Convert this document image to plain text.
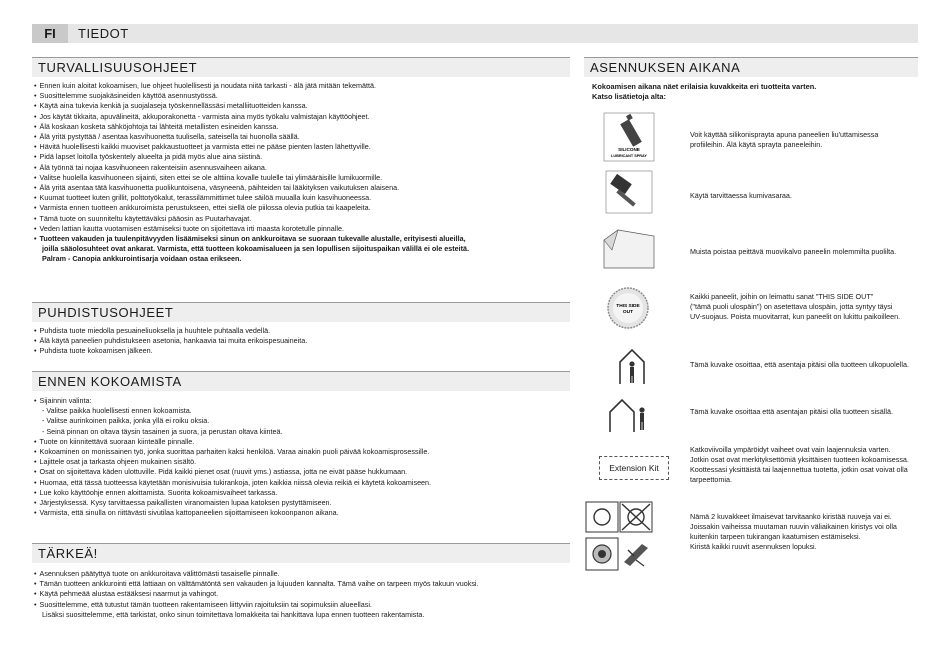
FI	TIEDOT
TURVALLISUUSOHJEET
• Ennen kuin aloitat kokoamisen, lue ohjeet huolellisesti ja noudata niitä tarkasti - älä jätä mitään tekemättä.
• Suosittelemme suojakäsineiden käyttöä asennustyössä.
• Käytä aina tukevia kenkiä ja suojalaseja työskennellässäsi metalliituotteiden kanssa.
• Jos käytät tikkaita, apuvälineitä, akkuporakonetta - varmista aina myös työkalu valmistajan käyttöohjeet.
• Älä koskaan kosketa sähköjohtoja tai lähteitä metallisten esineiden kanssa.
• Älä yritä pystyttää / asentaa kasvihuonetta tuulisella, sateisella tai huonolla säällä.
• Hävitä huolellisesti kaikki muoviset pakkaustuotteet ja varmista ettei ne pääse pienten lasten lähettyville.
• Pidä lapset loitolla työskentely alueelta ja pidä myös alue aina siistinä.
• Älä työnnä tai nojaa kasvihuoneen rakenteisiin asennusvaiheen aikana.
• Valitse huolella kasvihuoneen sijainti, siten ettei se ole alttiina kovalle tuulelle tai ylimääräisille lumikuormille.
• Älä yritä asentaa tätä kasvihuonetta puolikuntoisena, väsyneenä, päihteiden tai lääkityksen vaikutuksen alaisena.
• Kuumat tuotteet kuten grillit, polttotyökalut, terassilämmittimet tulee säilöä muualla kuin kasvihuoneessa.
• Varmista ennen tuotteen ankkuroimista perustukseen, ettei siellä ole piilossa olevia putkia tai kaapeleita.
• Tämä tuote on suunniteltu käytettäväksi pääosin as Puutarhavajat.
• Veden lattian kautta vuotamisen estämiseksi tuote on sijoitettava irti maasta korotetulle pinnalle.
• Tuotteen vakauden ja tuulenpitävyyden lisäämiseksi sinun on ankkuroitava se suoraan tukevalle alustalle, erityisesti alueilla,
joilla sääolosuhteet ovat ankarat. Varmista, että tuotteen kokoamisalueen ja sen lopullisen sijoituspaikan välillä ei ole esteitä.
Palram - Canopia ankkurointisarja voidaan ostaa erikseen.
PUHDISTUSOHJEET
• Puhdista tuote miedolla pesuaineliuoksella ja huuhtele puhtaalla vedellä.
• Älä käytä paneelien puhdistukseen asetonia, hankaavia tai muita erikoispesuaineita.
• Puhdista tuote kokoamisen jälkeen.
ENNEN KOKOAMISTA
• Sijainnin valinta:
- Valitse paikka huolellisesti ennen kokoamista.
- Valitse aurinkoinen paikka, jonka yllä ei roiku oksia.
- Seinä pinnan on oltava täysin tasainen ja suora, ja perustan oltava kiinteä.
• Tuote on kiinnitettävä suoraan kiinteälle pinnalle.
• Kokoaminen on monissainen työ, jonka suorittaa parhaiten kaksi henkilöä. Varaa ainakin puoli päivää kokoamisprosessille.
• Lajittele osat ja tarkasta ohjeen mukainen sisältö.
• Osat on sijoitettava käden ulottuville. Pidä kaikki pienet osat (ruuvit yms.) astiassa, jotta ne eivät pääse hukkumaan.
• Huomaa, että tässä tuotteessa käytetään monisivuisia tukirankoja, joten kaikkia niissä olevia reikiä ei käytetä kokoamiseen.
• Lue koko käyttöohje ennen aloittamista. Suorita kokoamisvaiheet tarkassa.
• Järjestyksessä. Kysy tarvittaessa paikallisten viranomaisten lupaa katoksen pystyttämiseen.
• Varmista, että sinulla on riittävästi sivutilaa kattopaneelien sijoittamiseen kokoonpanon aikana.
TÄRKEÄ!
• Asennuksen päätyttyä tuote on ankkuroitava välittömästi tasaiselle pinnalle.
• Tämän tuotteen ankkurointi että lattiaan on välttämätöntä sen vakauden ja lujuuden kannalta. Tämä vaihe on tarpeen myös takuun vuoksi.
• Käytä pehmeää alustaa estääksesi naarmut ja vahingot.
• Suosittelemme, että tutustut tämän tuotteen rakentamiseen liittyviin rajoituksiin tai sopimuksiin alueellasi.
Lisäksi suosittelemme, että tarkistat, onko sinun toimitettava lomakkeita tai hankittava lupa ennen tuotteen rakentamista.
ASENNUKSEN AIKANA
Kokoamisen aikana näet erilaisia kuvakkeita eri tuotteita varten.
Katso lisätietoja alta:
SILICONE
LUBRICANT SPRAY
Voit käyttää silikonisprayta apuna paneelien liu'uttamisessa
profiileihin. Älä käytä sprayta paneeleihin.
Käytä tarvittaessa kumivasaraa.
Muista poistaa peittävä muovikalvo paneelin molemmilta puolilta.
THIS SIDE
OUT
Kaikki paneelit, joihin on leimattu sanat "THIS SIDE OUT"
("tämä puoli ulospäin") on asetettava ulospäin, jotta syntyy täysi
UV-suojaus. Poista muovitarrat, kun paneelit on lukittu paikoilleen.
Tämä kuvake osoittaa, että asentaja pitäisi olla tuotteen ulkopuolella.
Tämä kuvake osoittaa että asentajan pitäisi olla tuotteen sisällä.
Extension Kit
Katkoviivoilla ympäröidyt vaiheet ovat vain laajennuksia varten.
Jotkin osat ovat merkityksettömiä yksittäisen tuotteen kokoamisessa.
Koottessasi yksittäistä tai laajennettua tuotetta, jotkin osat voivat olla
tarpeettomia.
Nämä 2 kuvakkeet ilmaisevat tarvitaanko kiristää ruuveja vai ei.
Joissakin vaiheissa muutaman ruuvin väliaikainen kiristys voi olla
kuitenkin tarpeen tukirangan kaatumisen estämiseksi.
Kiristä kaikki ruuvit asennuksen lopuksi.
